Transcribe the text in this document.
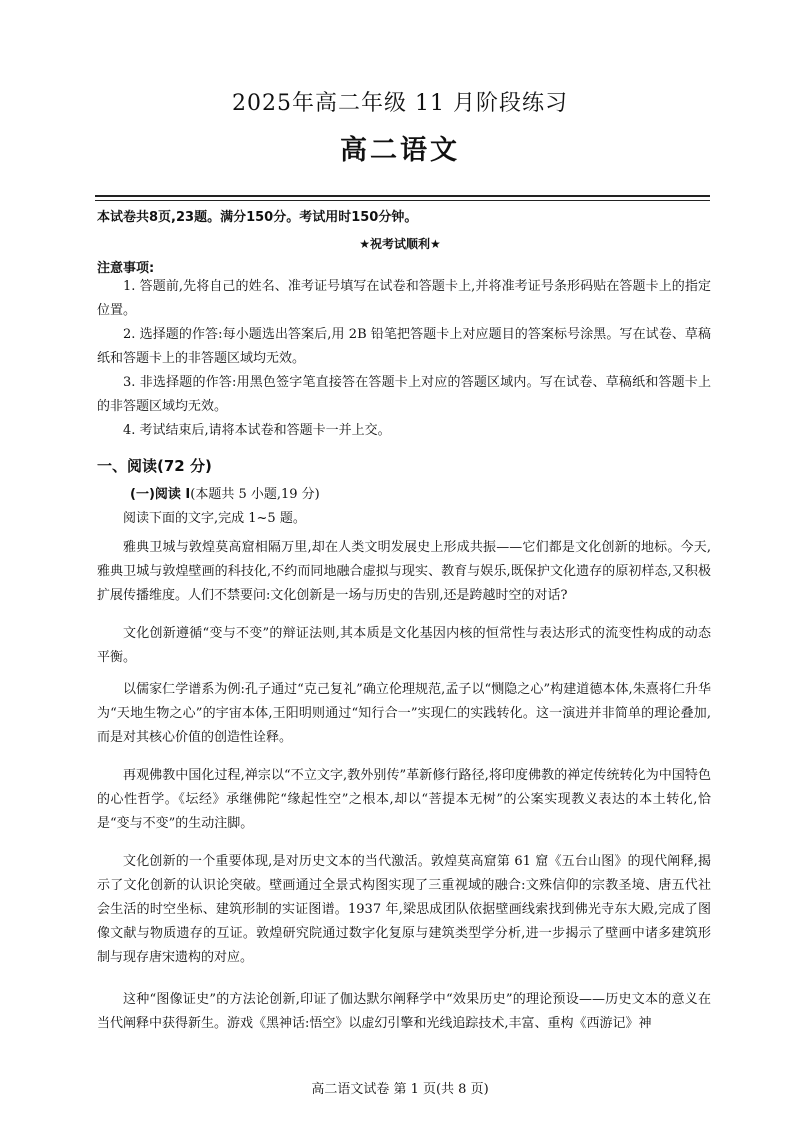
2025年高二年级 11 月阶段练习
高二语文
本试卷共8页,23题。满分150分。考试用时150分钟。
★祝考试顺利★
注意事项:

1. 答题前,先将自己的姓名、准考证号填写在试卷和答题卡上,并将准考证号条形码贴在答题卡上的指定位置。

2. 选择题的作答:每小题选出答案后,用 2B 铅笔把答题卡上对应题目的答案标号涂黑。写在试卷、草稿纸和答题卡上的非答题区域均无效。

3. 非选择题的作答:用黑色签字笔直接答在答题卡上对应的答题区域内。写在试卷、草稿纸和答题卡上的非答题区域均无效。

4. 考试结束后,请将本试卷和答题卡一并上交。

一、阅读(72 分)
(一)阅读 I(本题共 5 小题,19 分)

阅读下面的文字,完成 1~5 题。

雅典卫城与敦煌莫高窟相隔万里,却在人类文明发展史上形成共振——它们都是文化创新的地标。今天,雅典卫城与敦煌壁画的科技化,不约而同地融合虚拟与现实、教育与娱乐,既保护文化遗存的原初样态,又积极扩展传播维度。人们不禁要问:文化创新是一场与历史的告别,还是跨越时空的对话?

文化创新遵循“变与不变”的辩证法则,其本质是文化基因内核的恒常性与表达形式的流变性构成的动态平衡。

以儒家仁学谱系为例:孔子通过“克己复礼”确立伦理规范,孟子以“恻隐之心”构建道德本体,朱熹将仁升华为“天地生物之心”的宇宙本体,王阳明则通过“知行合一”实现仁的实践转化。这一演进并非简单的理论叠加,而是对其核心价值的创造性诠释。

再观佛教中国化过程,禅宗以“不立文字,教外别传”革新修行路径,将印度佛教的禅定传统转化为中国特色的心性哲学。《坛经》承继佛陀“缘起性空”之根本,却以“菩提本无树”的公案实现教义表达的本土转化,恰是“变与不变”的生动注脚。

文化创新的一个重要体现,是对历史文本的当代激活。敦煌莫高窟第 61 窟《五台山图》的现代阐释,揭示了文化创新的认识论突破。壁画通过全景式构图实现了三重视域的融合:文殊信仰的宗教圣境、唐五代社会生活的时空坐标、建筑形制的实证图谱。1937 年,梁思成团队依据壁画线索找到佛光寺东大殿,完成了图像文献与物质遗存的互证。敦煌研究院通过数字化复原与建筑类型学分析,进一步揭示了壁画中诸多建筑形制与现存唐宋遗构的对应。

这种“图像证史”的方法论创新,印证了伽达默尔阐释学中“效果历史”的理论预设——历史文本的意义在当代阐释中获得新生。游戏《黑神话:悟空》以虚幻引擎和光线追踪技术,丰富、重构《西游记》神

高二语文试卷 第 1 页(共 8 页)
